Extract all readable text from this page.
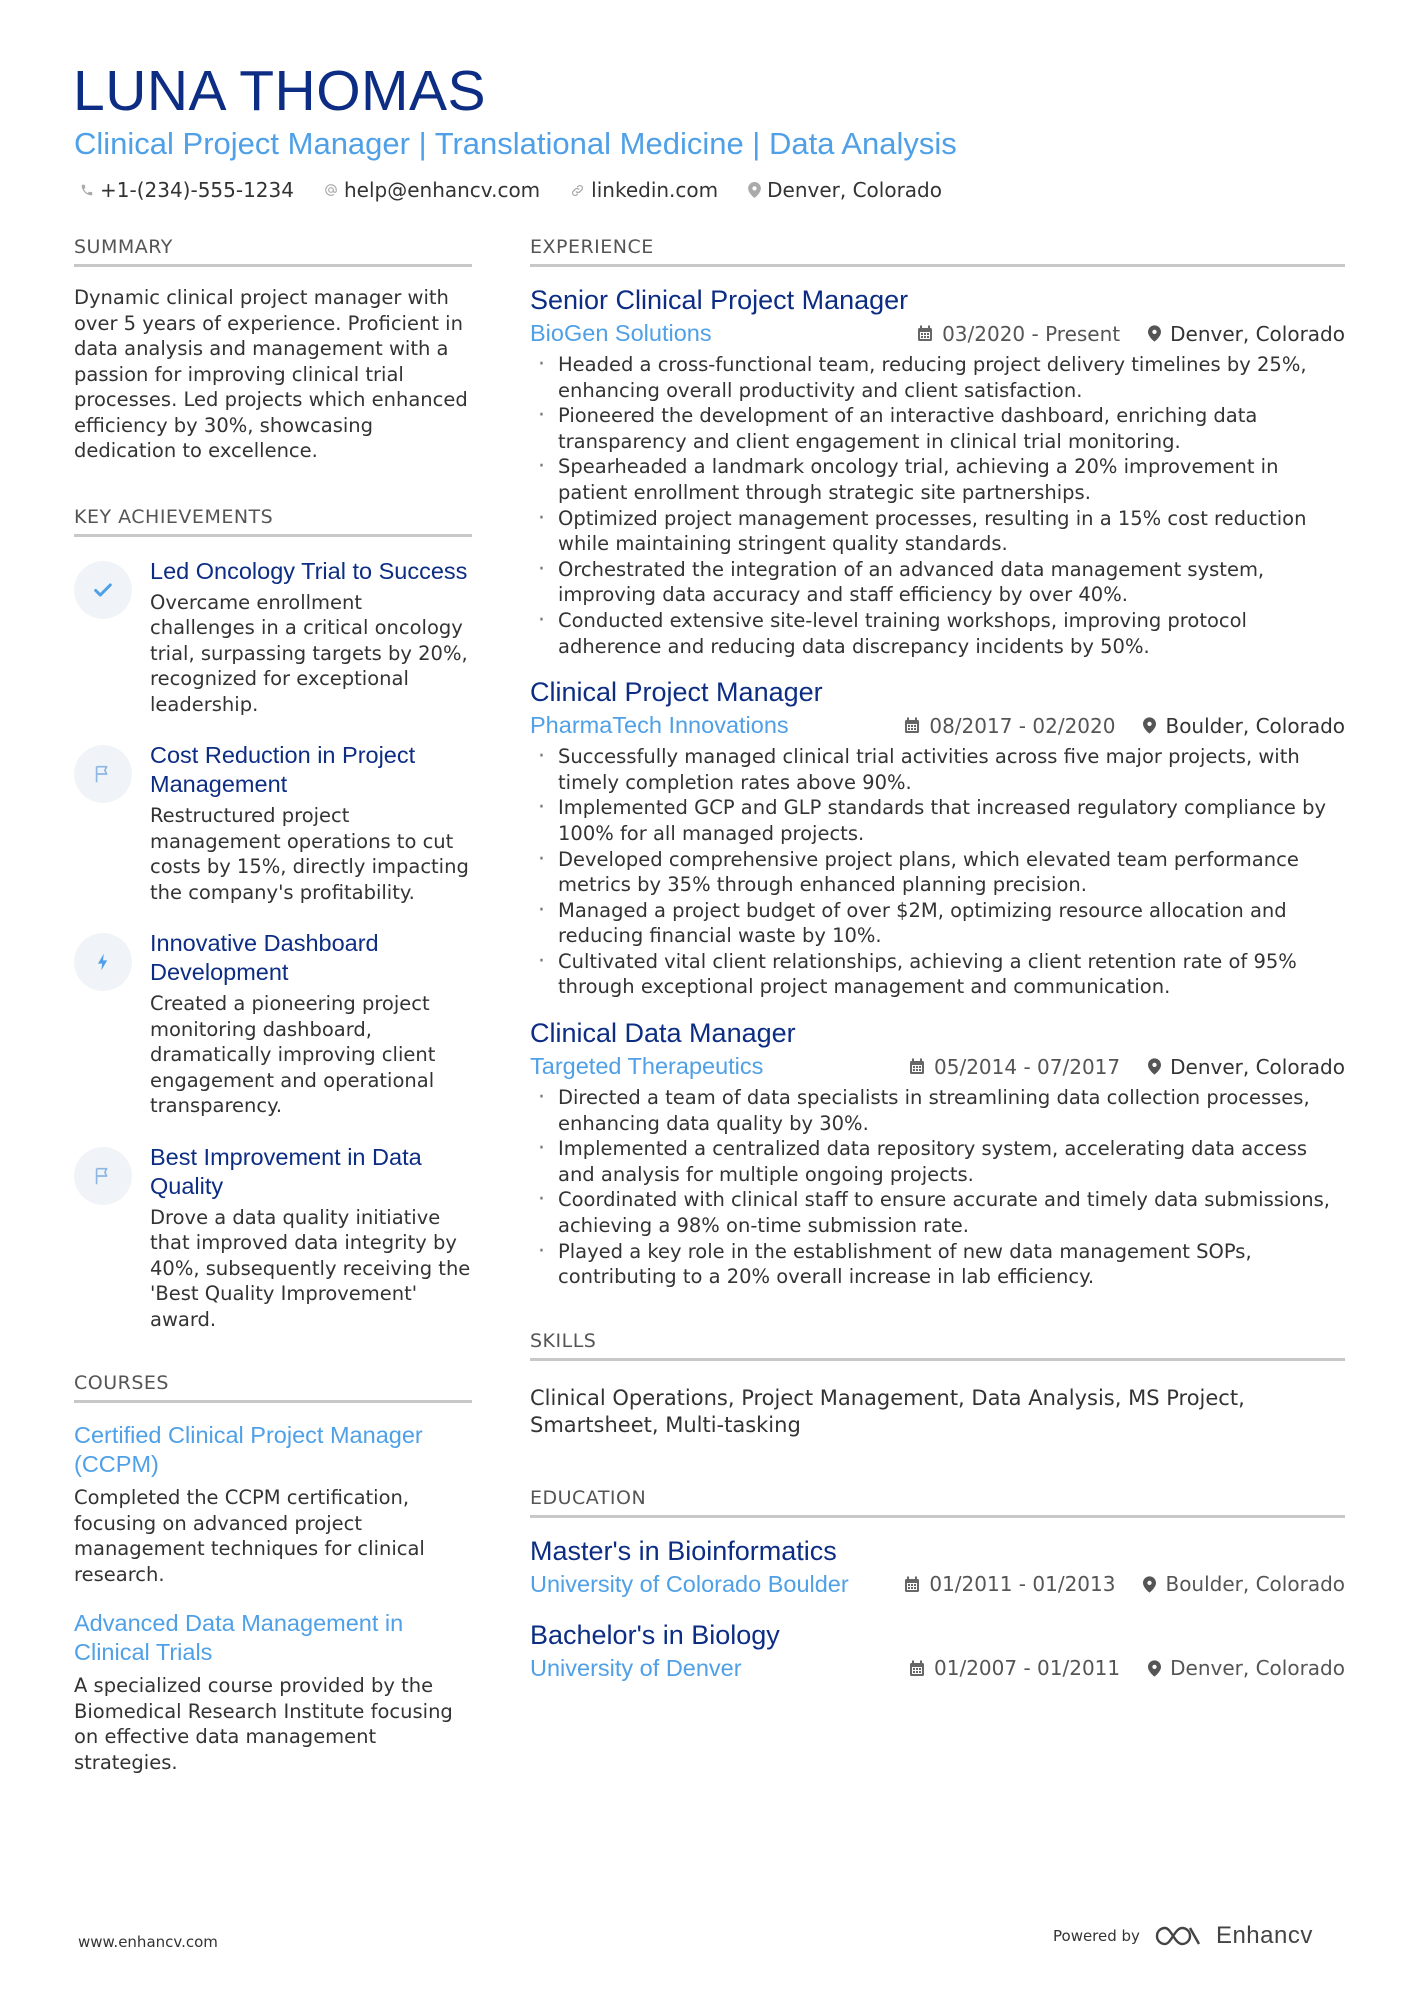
LUNA THOMAS
Clinical Project Manager | Translational Medicine | Data Analysis
+1-(234)-555-1234	help@enhancv.com	linkedin.com Denver, Colorado
SUMMARY

Dynamic clinical project manager with over 5 years of experience. Proficient in data analysis and management with a passion for improving clinical trial processes. Led projects which enhanced efficiency by 30%, showcasing dedication to excellence.

KEY ACHIEVEMENTS
Led Oncology Trial to Success
Overcame enrollment challenges in a critical oncology trial, surpassing targets by 20%, recognized for exceptional leadership.
Cost Reduction in Project Management
Restructured project management operations to cut costs by 15%, directly impacting the company's profitability.
Innovative Dashboard Development
Created a pioneering project monitoring dashboard, dramatically improving client engagement and operational transparency.
Best Improvement in Data Quality
Drove a data quality initiative that improved data integrity by 40%, subsequently receiving the 'Best Quality Improvement' award.
COURSES
Certified Clinical Project Manager (CCPM)
Completed the CCPM certification, focusing on advanced project management techniques for clinical research.
Advanced Data Management in Clinical Trials
A specialized course provided by the Biomedical Research Institute focusing on effective data management strategies.
EXPERIENCE
Senior Clinical Project Manager
BioGen Solutions	03/2020 - Present	Denver, Colorado
· Headed a cross-functional team, reducing project delivery timelines by 25%, enhancing overall productivity and client satisfaction.
· Pioneered the development of an interactive dashboard, enriching data transparency and client engagement in clinical trial monitoring.
· Spearheaded a landmark oncology trial, achieving a 20% improvement in patient enrollment through strategic site partnerships.
· Optimized project management processes, resulting in a 15% cost reduction while maintaining stringent quality standards.
· Orchestrated the integration of an advanced data management system, improving data accuracy and staff efficiency by over 40%.
· Conducted extensive site-level training workshops, improving protocol adherence and reducing data discrepancy incidents by 50%.
Clinical Project Manager
PharmaTech Innovations	08/2017 - 02/2020	Boulder, Colorado
· Successfully managed clinical trial activities across five major projects, with timely completion rates above 90%.
· Implemented GCP and GLP standards that increased regulatory compliance by 100% for all managed projects.
· Developed comprehensive project plans, which elevated team performance metrics by 35% through enhanced planning precision.
· Managed a project budget of over $2M, optimizing resource allocation and reducing financial waste by 10%.
· Cultivated vital client relationships, achieving a client retention rate of 95% through exceptional project management and communication.
Clinical Data Manager
Targeted Therapeutics	05/2014 - 07/2017	Denver, Colorado
· Directed a team of data specialists in streamlining data collection processes, enhancing data quality by 30%.
· Implemented a centralized data repository system, accelerating data access and analysis for multiple ongoing projects.
· Coordinated with clinical staff to ensure accurate and timely data submissions, achieving a 98% on-time submission rate.
· Played a key role in the establishment of new data management SOPs, contributing to a 20% overall increase in lab efficiency.
SKILLS
Clinical Operations, Project Management, Data Analysis, MS Project, Smartsheet, Multi-tasking
EDUCATION
Master's in Bioinformatics
University of Colorado Boulder	01/2011 - 01/2013	Boulder, Colorado
Bachelor's in Biology
University of Denver	01/2007 - 01/2011	Denver, Colorado
www.enhancv.com	Powered by	Enhancv
